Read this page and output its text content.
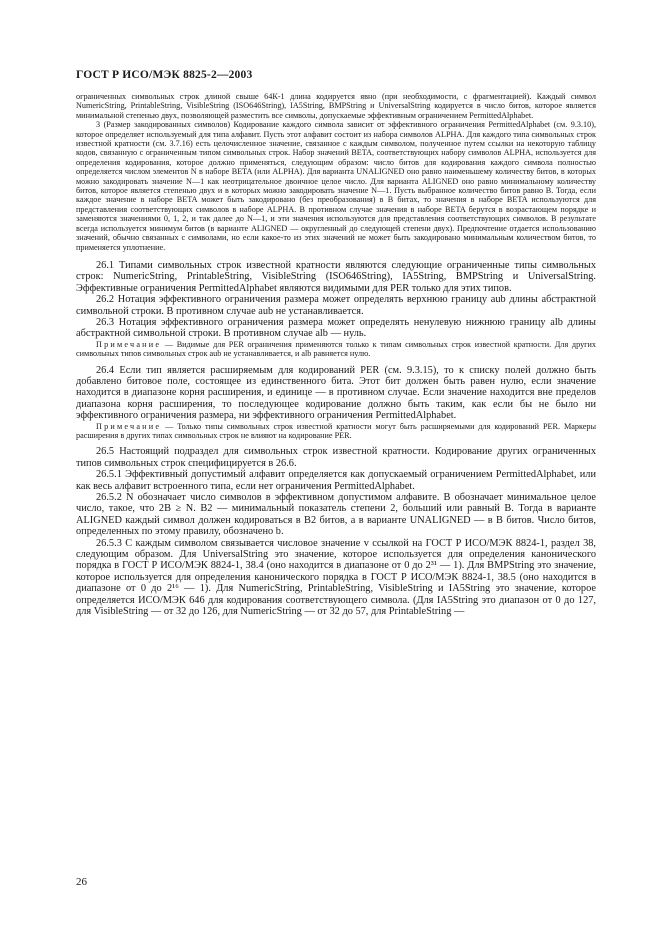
ГОСТ Р ИСО/МЭК 8825-2—2003

ограниченных символьных строк длиной свыше 64К-1 длина кодируется явно (при необходимости, с фрагментацией). Каждый символ NumericString, PrintableString, VisibleString (ISO646String), IA5String, BMPString и UniversalString кодируется в число битов, которое является минимальной степенью двух, позволяющей разместить все символы, допускаемые эффективным ограничением PermittedAlphabet.

3 (Размер закодированных символов) Кодирование каждого символа зависит от эффективного ограничения PermittedAlphabet (см. 9.3.10), которое определяет используемый для типа алфавит. Пусть этот алфавит состоит из набора символов ALPHA. Для каждого типа символьных строк известной кратности (см. 3.7.16) есть целочисленное значение, связанное с каждым символом, полученное путем ссылки на некоторую таблицу кодов, связанную с ограниченным типом символьных строк. Набор значений BETA, соответствующих набору символов ALPHA, используется для определения кодирования, которое должно применяться, следующим образом: число битов для кодирования каждого символа полностью определяется числом элементов N в наборе BETA (или ALPHA). Для варианта UNALIGNED оно равно наименьшему количеству битов, в которых можно закодировать значение N—1 как неотрицательное двоичное целое число. Для варианта ALIGNED оно равно минимальному количеству битов, которое является степенью двух и в которых можно закодировать значение N—1. Пусть выбранное количество битов равно B. Тогда, если каждое значение в наборе BETA может быть закодировано (без преобразования) в B битах, то значения в наборе BETA используются для представления соответствующих символов в наборе ALPHA. В противном случае значения в наборе BETA берутся в возрастающем порядке и заменяются значениями 0, 1, 2, и так далее до N—1, и эти значения используются для представления соответствующих символов. В результате всегда используется минимум битов (в варианте ALIGNED — округленный до следующей степени двух). Предпочтение отдается использованию значений, обычно связанных с символами, но если какое-то из этих значений не может быть закодировано минимальным количеством битов, то применяется уплотнение.

26.1 Типами символьных строк известной кратности являются следующие ограниченные типы символьных строк: NumericString, PrintableString, VisibleString (ISO646String), IA5String, BMPString и UniversalString. Эффективные ограничения PermittedAlphabet являются видимыми для PER только для этих типов.

26.2 Нотация эффективного ограничения размера может определять верхнюю границу aub длины абстрактной символьной строки. В противном случае aub не устанавливается.

26.3 Нотация эффективного ограничения размера может определять ненулевую нижнюю границу alb длины абстрактной символьной строки. В противном случае alb — нуль.

Примечание — Видимые для PER ограничения применяются только к типам символьных строк известной кратности. Для других символьных типов символьных строк aub не устанавливается, и alb равняется нулю.

26.4 Если тип является расширяемым для кодирований PER (см. 9.3.15), то к списку полей должно быть добавлено битовое поле, состоящее из единственного бита. Этот бит должен быть равен нулю, если значение находится в диапазоне корня расширения, и единице — в противном случае. Если значение находится вне пределов диапазона корня расширения, то последующее кодирование должно быть таким, как если бы не было ни эффективного ограничения размера, ни эффективного ограничения PermittedAlphabet.

Примечание — Только типы символьных строк известной кратности могут быть расширяемыми для кодирований PER. Маркеры расширения в других типах символьных строк не влияют на кодирование PER.

26.5 Настоящий подраздел для символьных строк известной кратности. Кодирование других ограниченных типов символьных строк специфицируется в 26.6.

26.5.1 Эффективный допустимый алфавит определяется как допускаемый ограничением PermittedAlphabet, или как весь алфавит встроенного типа, если нет ограничения PermittedAlphabet.

26.5.2 N обозначает число символов в эффективном допустимом алфавите. B обозначает минимальное целое число, такое, что 2B ≥ N. B2 — минимальный показатель степени 2, больший или равный B. Тогда в варианте ALIGNED каждый символ должен кодироваться в B2 битов, а в варианте UNALIGNED — в B битов. Число битов, определенных по этому правилу, обозначено b.

26.5.3 С каждым символом связывается числовое значение v ссылкой на ГОСТ Р ИСО/МЭК 8824-1, раздел 38, следующим образом. Для UniversalString это значение, которое используется для определения канонического порядка в ГОСТ Р ИСО/МЭК 8824-1, 38.4 (оно находится в диапазоне от 0 до 2³¹ — 1). Для BMPString это значение, которое используется для определения канонического порядка в ГОСТ Р ИСО/МЭК 8824-1, 38.5 (оно находится в диапазоне от 0 до 2¹⁶ — 1). Для NumericString, PrintableString, VisibleString и IA5String это значение, которое определяется ИСО/МЭК 646 для кодирования соответствующего символа. (Для IA5String это диапазон от 0 до 127, для VisibleString — от 32 до 126, для NumericString — от 32 до 57, для PrintableString —

26
